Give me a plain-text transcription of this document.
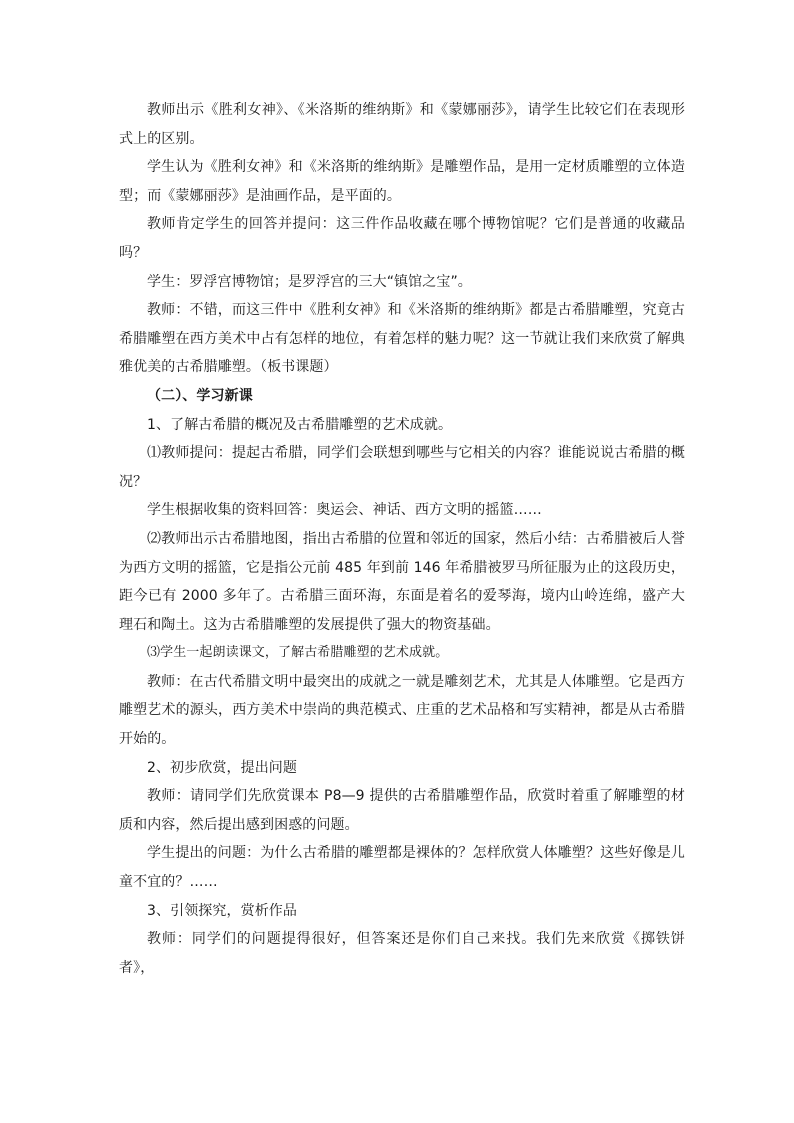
教师出示《胜利女神》、《米洛斯的维纳斯》和《蒙娜丽莎》，请学生比较它们在表现形式上的区别。

学生认为《胜利女神》和《米洛斯的维纳斯》是雕塑作品，是用一定材质雕塑的立体造型；而《蒙娜丽莎》是油画作品，是平面的。

教师肯定学生的回答并提问：这三件作品收藏在哪个博物馆呢？它们是普通的收藏品吗？

学生：罗浮宫博物馆；是罗浮宫的三大“镇馆之宝”。

教师：不错，而这三件中《胜利女神》和《米洛斯的维纳斯》都是古希腊雕塑，究竟古希腊雕塑在西方美术中占有怎样的地位，有着怎样的魅力呢？这一节就让我们来欣赏了解典雅优美的古希腊雕塑。（板书课题）

（二）、学习新课

1、了解古希腊的概况及古希腊雕塑的艺术成就。

⑴教师提问：提起古希腊，同学们会联想到哪些与它相关的内容？谁能说说古希腊的概况？

学生根据收集的资料回答：奥运会、神话、西方文明的摇篮……

⑵教师出示古希腊地图，指出古希腊的位置和邻近的国家，然后小结：古希腊被后人誉为西方文明的摇篮，它是指公元前 485 年到前 146 年希腊被罗马所征服为止的这段历史，距今已有 2000 多年了。古希腊三面环海，东面是着名的爱琴海，境内山岭连绵，盛产大理石和陶土。这为古希腊雕塑的发展提供了强大的物资基础。

⑶学生一起朗读课文，了解古希腊雕塑的艺术成就。

教师：在古代希腊文明中最突出的成就之一就是雕刻艺术，尤其是人体雕塑。它是西方雕塑艺术的源头，西方美术中崇尚的典范模式、庄重的艺术品格和写实精神，都是从古希腊开始的。

2、初步欣赏，提出问题

教师：请同学们先欣赏课本 P8—9 提供的古希腊雕塑作品，欣赏时着重了解雕塑的材质和内容，然后提出感到困惑的问题。

学生提出的问题：为什么古希腊的雕塑都是裸体的？怎样欣赏人体雕塑？这些好像是儿童不宜的？……

3、引领探究，赏析作品

教师：同学们的问题提得很好，但答案还是你们自己来找。我们先来欣赏《掷铁饼者》，
